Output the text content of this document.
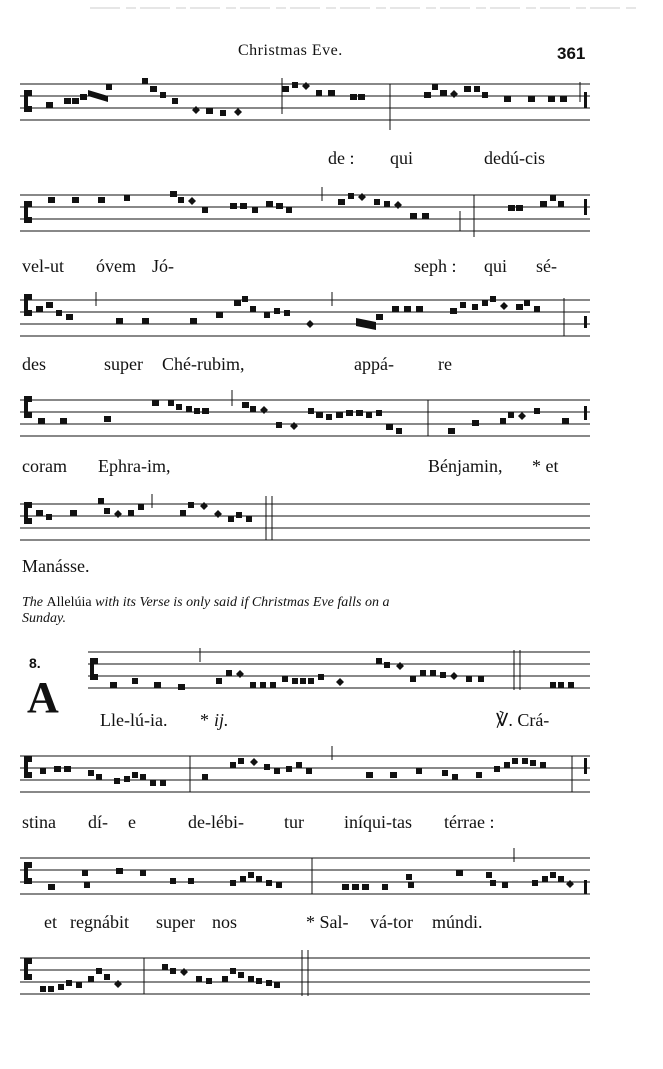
Christmas Eve.	361
de : qui	dedú-cis
vel-ut óvem Jó-	seph : qui sé-
des	super Ché-rubim,	appá- re
coram Ephra-im,	Bénjamin, * et
Manásse.
The Allelúia with its Verse is only said if Christmas Eve falls on a
Sunday.
8.
A Lle-lú-ia. * ij.	℣. Crá-
stina dí- e	de-lébi- tur iníqui-tas térrae :
et regnábit super nos	* Sal- vá-tor múndi.
